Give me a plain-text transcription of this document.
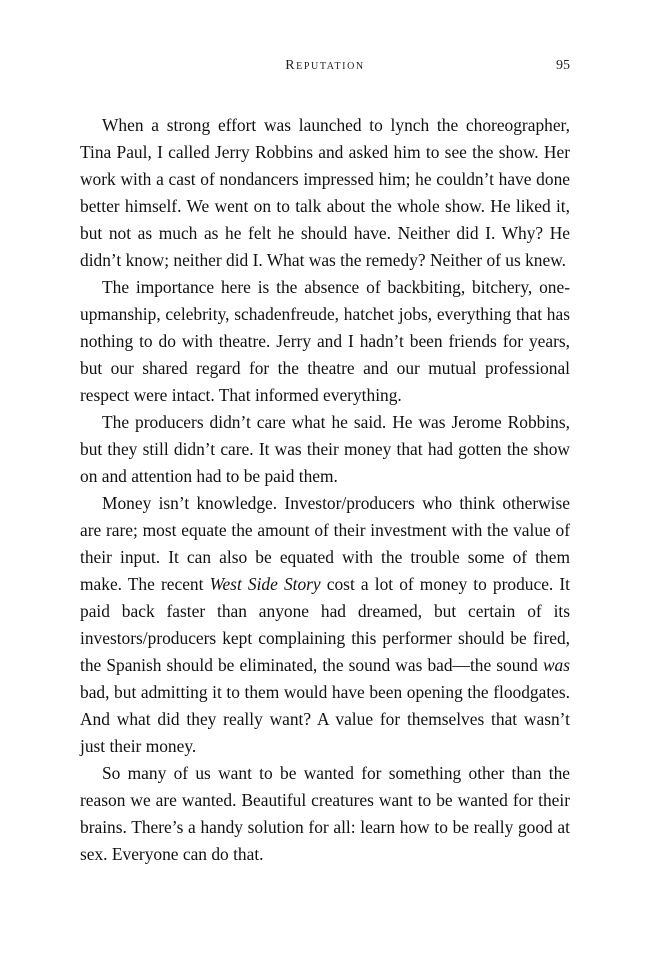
Reputation	95

When a strong effort was launched to lynch the choreographer, Tina Paul, I called Jerry Robbins and asked him to see the show. Her work with a cast of nondancers impressed him; he couldn’t have done better himself. We went on to talk about the whole show. He liked it, but not as much as he felt he should have. Neither did I. Why? He didn’t know; neither did I. What was the remedy? Neither of us knew.

The importance here is the absence of backbiting, bitchery, one-upmanship, celebrity, schadenfreude, hatchet jobs, everything that has nothing to do with theatre. Jerry and I hadn’t been friends for years, but our shared regard for the theatre and our mutual professional respect were intact. That informed everything.

The producers didn’t care what he said. He was Jerome Robbins, but they still didn’t care. It was their money that had gotten the show on and attention had to be paid them.

Money isn’t knowledge. Investor/producers who think otherwise are rare; most equate the amount of their investment with the value of their input. It can also be equated with the trouble some of them make. The recent West Side Story cost a lot of money to produce. It paid back faster than anyone had dreamed, but certain of its investors/producers kept complaining this performer should be fired, the Spanish should be eliminated, the sound was bad—the sound was bad, but admitting it to them would have been opening the floodgates. And what did they really want? A value for themselves that wasn’t just their money.

So many of us want to be wanted for something other than the reason we are wanted. Beautiful creatures want to be wanted for their brains. There’s a handy solution for all: learn how to be really good at sex. Everyone can do that.
